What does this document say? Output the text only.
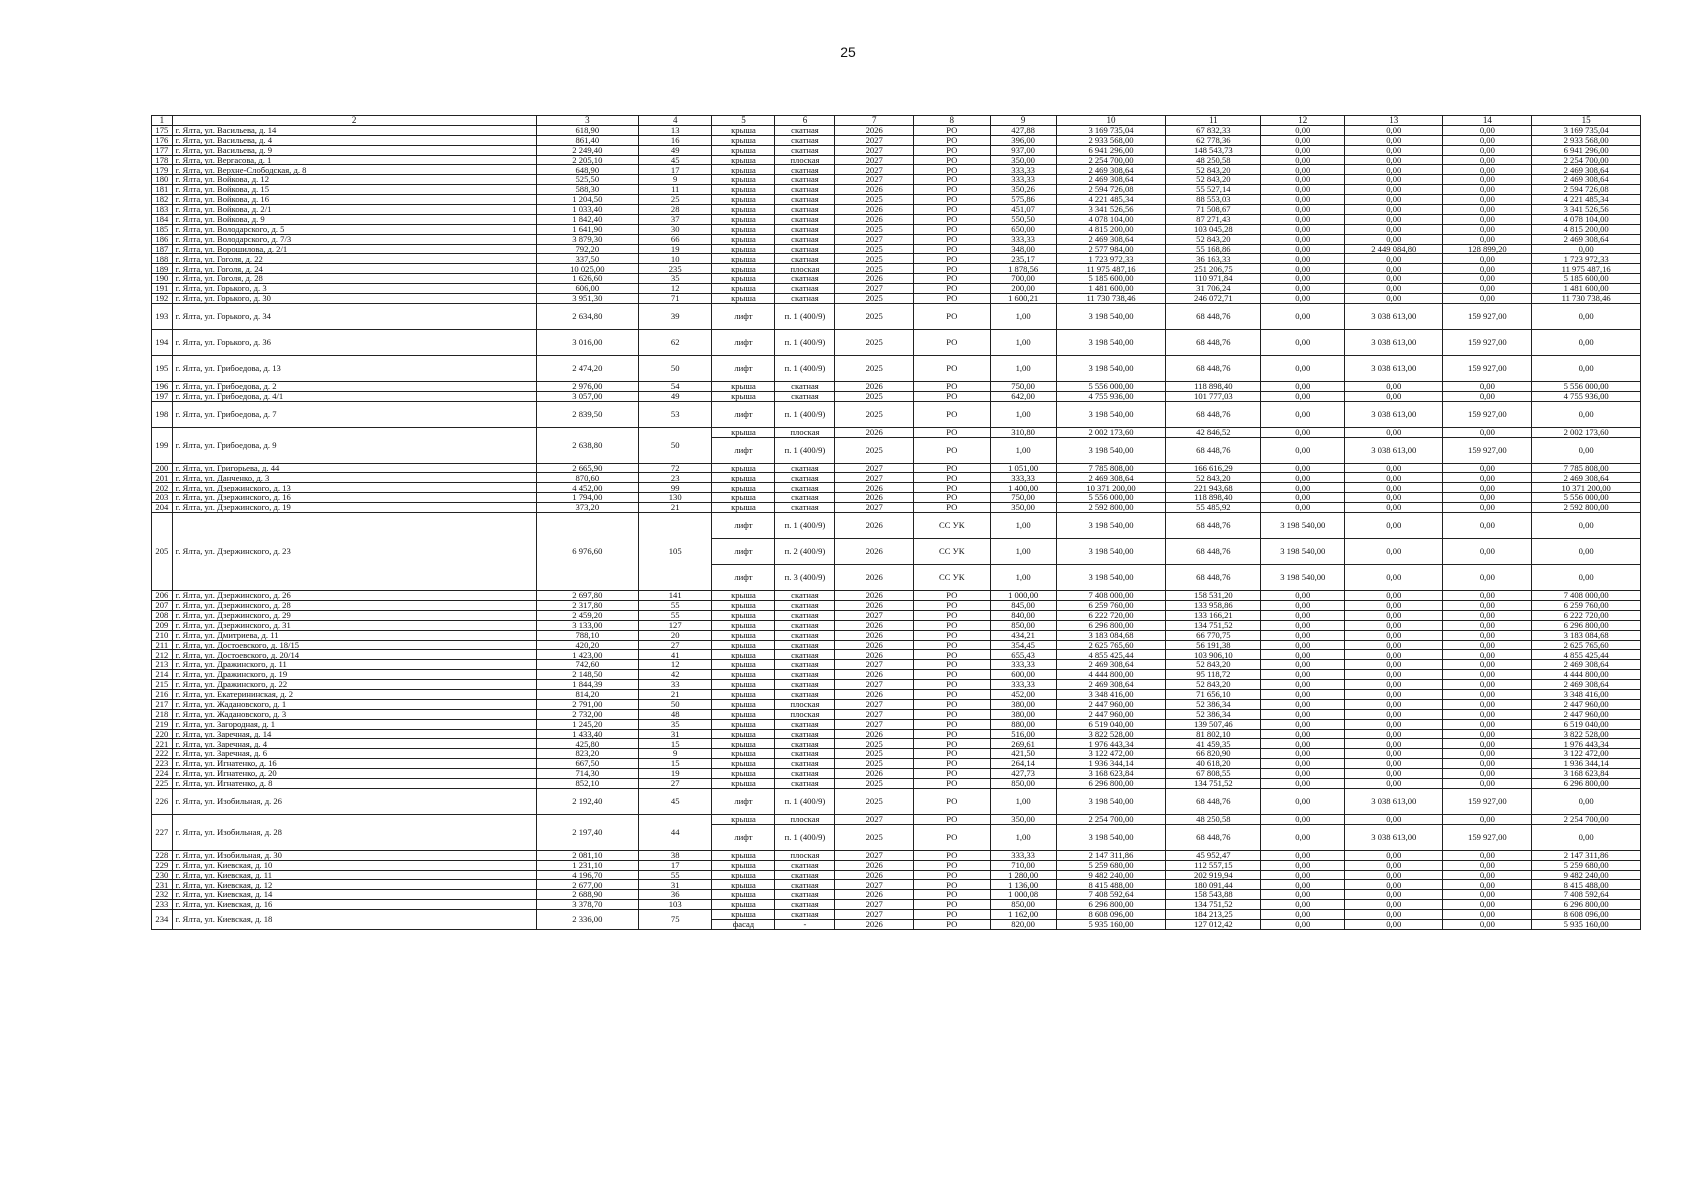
25
1	2	3	4	5	6	7	8	9	10	11	12	13	14	15
175	г. Ялта, ул. Васильева, д. 14	618,90	13	крыша	скатная	2026	РО	427,88	3 169 735,04	67 832,33	0,00	0,00	0,00	3 169 735,04
176	г. Ялта, ул. Васильева, д. 4	861,40	16	крыша	скатная	2027	РО	396,00	2 933 568,00	62 778,36	0,00	0,00	0,00	2 933 568,00
177	г. Ялта, ул. Васильева, д. 9	2 249,40	49	крыша	скатная	2027	РО	937,00	6 941 296,00	148 543,73	0,00	0,00	0,00	6 941 296,00
178	г. Ялта, ул. Вергасова, д. 1	2 205,10	45	крыша	плоская	2027	РО	350,00	2 254 700,00	48 250,58	0,00	0,00	0,00	2 254 700,00
179	г. Ялта, ул. Верхне-Слободская, д. 8	648,90	17	крыша	скатная	2027	РО	333,33	2 469 308,64	52 843,20	0,00	0,00	0,00	2 469 308,64
180	г. Ялта, ул. Войкова, д. 12	525,50	9	крыша	скатная	2027	РО	333,33	2 469 308,64	52 843,20	0,00	0,00	0,00	2 469 308,64
181	г. Ялта, ул. Войкова, д. 15	588,30	11	крыша	скатная	2026	РО	350,26	2 594 726,08	55 527,14	0,00	0,00	0,00	2 594 726,08
182	г. Ялта, ул. Войкова, д. 16	1 204,50	25	крыша	скатная	2025	РО	575,86	4 221 485,34	88 553,03	0,00	0,00	0,00	4 221 485,34
183	г. Ялта, ул. Войкова, д. 2/1	1 033,40	28	крыша	скатная	2026	РО	451,07	3 341 526,56	71 508,67	0,00	0,00	0,00	3 341 526,56
184	г. Ялта, ул. Войкова, д. 9	1 842,40	37	крыша	скатная	2026	РО	550,50	4 078 104,00	87 271,43	0,00	0,00	0,00	4 078 104,00
185	г. Ялта, ул. Володарского, д. 5	1 641,90	30	крыша	скатная	2025	РО	650,00	4 815 200,00	103 045,28	0,00	0,00	0,00	4 815 200,00
186	г. Ялта, ул. Володарского, д. 7/3	3 879,30	66	крыша	скатная	2027	РО	333,33	2 469 308,64	52 843,20	0,00	0,00	0,00	2 469 308,64
187	г. Ялта, ул. Ворошилова, д. 2/1	792,20	19	крыша	скатная	2025	РО	348,00	2 577 984,00	55 168,86	0,00	2 449 084,80	128 899,20	0,00
188	г. Ялта, ул. Гоголя, д. 22	337,50	10	крыша	скатная	2025	РО	235,17	1 723 972,33	36 163,33	0,00	0,00	0,00	1 723 972,33
189	г. Ялта, ул. Гоголя, д. 24	10 025,00	235	крыша	плоская	2025	РО	1 878,56	11 975 487,16	251 206,75	0,00	0,00	0,00	11 975 487,16
190	г. Ялта, ул. Гоголя, д. 28	1 626,60	35	крыша	скатная	2026	РО	700,00	5 185 600,00	110 971,84	0,00	0,00	0,00	5 185 600,00
191	г. Ялта, ул. Горького, д. 3	606,00	12	крыша	скатная	2027	РО	200,00	1 481 600,00	31 706,24	0,00	0,00	0,00	1 481 600,00
192	г. Ялта, ул. Горького, д. 30	3 951,30	71	крыша	скатная	2025	РО	1 600,21	11 730 738,46	246 072,71	0,00	0,00	0,00	11 730 738,46
193	г. Ялта, ул. Горького, д. 34	2 634,80	39	лифт	п. 1 (400/9)	2025	РО	1,00	3 198 540,00	68 448,76	0,00	3 038 613,00	159 927,00	0,00
194	г. Ялта, ул. Горького, д. 36	3 016,00	62	лифт	п. 1 (400/9)	2025	РО	1,00	3 198 540,00	68 448,76	0,00	3 038 613,00	159 927,00	0,00
195	г. Ялта, ул. Грибоедова, д. 13	2 474,20	50	лифт	п. 1 (400/9)	2025	РО	1,00	3 198 540,00	68 448,76	0,00	3 038 613,00	159 927,00	0,00
196	г. Ялта, ул. Грибоедова, д. 2	2 976,00	54	крыша	скатная	2026	РО	750,00	5 556 000,00	118 898,40	0,00	0,00	0,00	5 556 000,00
197	г. Ялта, ул. Грибоедова, д. 4/1	3 057,00	49	крыша	скатная	2025	РО	642,00	4 755 936,00	101 777,03	0,00	0,00	0,00	4 755 936,00
198	г. Ялта, ул. Грибоедова, д. 7	2 839,50	53	лифт	п. 1 (400/9)	2025	РО	1,00	3 198 540,00	68 448,76	0,00	3 038 613,00	159 927,00	0,00
199	г. Ялта, ул. Грибоедова, д. 9	2 638,80	50	крыша	плоская	2026	РО	310,80	2 002 173,60	42 846,52	0,00	0,00	0,00	2 002 173,60
				лифт	п. 1 (400/9)	2025	РО	1,00	3 198 540,00	68 448,76	0,00	3 038 613,00	159 927,00	0,00
200	г. Ялта, ул. Григорьева, д. 44	2 665,90	72	крыша	скатная	2027	РО	1 051,00	7 785 808,00	166 616,29	0,00	0,00	0,00	7 785 808,00
201	г. Ялта, ул. Данченко, д. 3	870,60	23	крыша	скатная	2027	РО	333,33	2 469 308,64	52 843,20	0,00	0,00	0,00	2 469 308,64
202	г. Ялта, ул. Дзержинского, д. 13	4 452,00	99	крыша	скатная	2026	РО	1 400,00	10 371 200,00	221 943,68	0,00	0,00	0,00	10 371 200,00
203	г. Ялта, ул. Дзержинского, д. 16	1 794,00	130	крыша	скатная	2026	РО	750,00	5 556 000,00	118 898,40	0,00	0,00	0,00	5 556 000,00
204	г. Ялта, ул. Дзержинского, д. 19	373,20	21	крыша	скатная	2027	РО	350,00	2 592 800,00	55 485,92	0,00	0,00	0,00	2 592 800,00
205	г. Ялта, ул. Дзержинского, д. 23	6 976,60	105	лифт	п. 1 (400/9)	2026	СС УК	1,00	3 198 540,00	68 448,76	3 198 540,00	0,00	0,00	0,00
				лифт	п. 2 (400/9)	2026	СС УК	1,00	3 198 540,00	68 448,76	3 198 540,00	0,00	0,00	0,00
				лифт	п. 3 (400/9)	2026	СС УК	1,00	3 198 540,00	68 448,76	3 198 540,00	0,00	0,00	0,00
206	г. Ялта, ул. Дзержинского, д. 26	2 697,80	141	крыша	скатная	2026	РО	1 000,00	7 408 000,00	158 531,20	0,00	0,00	0,00	7 408 000,00
207	г. Ялта, ул. Дзержинского, д. 28	2 317,80	55	крыша	скатная	2026	РО	845,00	6 259 760,00	133 958,86	0,00	0,00	0,00	6 259 760,00
208	г. Ялта, ул. Дзержинского, д. 29	2 459,20	55	крыша	скатная	2027	РО	840,00	6 222 720,00	133 166,21	0,00	0,00	0,00	6 222 720,00
209	г. Ялта, ул. Дзержинского, д. 31	3 133,00	127	крыша	скатная	2026	РО	850,00	6 296 800,00	134 751,52	0,00	0,00	0,00	6 296 800,00
210	г. Ялта, ул. Дмитриева, д. 11	788,10	20	крыша	скатная	2026	РО	434,21	3 183 084,68	66 770,75	0,00	0,00	0,00	3 183 084,68
211	г. Ялта, ул. Достоевского, д. 18/15	420,20	27	крыша	скатная	2026	РО	354,45	2 625 765,60	56 191,38	0,00	0,00	0,00	2 625 765,60
212	г. Ялта, ул. Достоевского, д. 20/14	1 423,00	41	крыша	скатная	2026	РО	655,43	4 855 425,44	103 906,10	0,00	0,00	0,00	4 855 425,44
213	г. Ялта, ул. Дражинского, д. 11	742,60	12	крыша	скатная	2027	РО	333,33	2 469 308,64	52 843,20	0,00	0,00	0,00	2 469 308,64
214	г. Ялта, ул. Дражинского, д. 19	2 148,50	42	крыша	скатная	2026	РО	600,00	4 444 800,00	95 118,72	0,00	0,00	0,00	4 444 800,00
215	г. Ялта, ул. Дражинского, д. 22	1 844,39	33	крыша	скатная	2027	РО	333,33	2 469 308,64	52 843,20	0,00	0,00	0,00	2 469 308,64
216	г. Ялта, ул. Екатерининская, д. 2	814,20	21	крыша	скатная	2026	РО	452,00	3 348 416,00	71 656,10	0,00	0,00	0,00	3 348 416,00
217	г. Ялта, ул. Жадановского, д. 1	2 791,00	50	крыша	плоская	2027	РО	380,00	2 447 960,00	52 386,34	0,00	0,00	0,00	2 447 960,00
218	г. Ялта, ул. Жадановского, д. 3	2 732,00	48	крыша	плоская	2027	РО	380,00	2 447 960,00	52 386,34	0,00	0,00	0,00	2 447 960,00
219	г. Ялта, ул. Загородная, д. 1	1 245,20	35	крыша	скатная	2027	РО	880,00	6 519 040,00	139 507,46	0,00	0,00	0,00	6 519 040,00
220	г. Ялта, ул. Заречная, д. 14	1 433,40	31	крыша	скатная	2026	РО	516,00	3 822 528,00	81 802,10	0,00	0,00	0,00	3 822 528,00
221	г. Ялта, ул. Заречная, д. 4	425,80	15	крыша	скатная	2025	РО	269,61	1 976 443,34	41 459,35	0,00	0,00	0,00	1 976 443,34
222	г. Ялта, ул. Заречная, д. 6	823,20	9	крыша	скатная	2025	РО	421,50	3 122 472,00	66 820,90	0,00	0,00	0,00	3 122 472,00
223	г. Ялта, ул. Игнатенко, д. 16	667,50	15	крыша	скатная	2025	РО	264,14	1 936 344,14	40 618,20	0,00	0,00	0,00	1 936 344,14
224	г. Ялта, ул. Игнатенко, д. 20	714,30	19	крыша	скатная	2026	РО	427,73	3 168 623,84	67 808,55	0,00	0,00	0,00	3 168 623,84
225	г. Ялта, ул. Игнатенко, д. 8	852,10	27	крыша	скатная	2025	РО	850,00	6 296 800,00	134 751,52	0,00	0,00	0,00	6 296 800,00
226	г. Ялта, ул. Изобильная, д. 26	2 192,40	45	лифт	п. 1 (400/9)	2025	РО	1,00	3 198 540,00	68 448,76	0,00	3 038 613,00	159 927,00	0,00
227	г. Ялта, ул. Изобильная, д. 28	2 197,40	44	крыша	плоская	2027	РО	350,00	2 254 700,00	48 250,58	0,00	0,00	0,00	2 254 700,00
				лифт	п. 1 (400/9)	2025	РО	1,00	3 198 540,00	68 448,76	0,00	3 038 613,00	159 927,00	0,00
228	г. Ялта, ул. Изобильная, д. 30	2 081,10	38	крыша	плоская	2027	РО	333,33	2 147 311,86	45 952,47	0,00	0,00	0,00	2 147 311,86
229	г. Ялта, ул. Киевская, д. 10	1 231,10	17	крыша	скатная	2026	РО	710,00	5 259 680,00	112 557,15	0,00	0,00	0,00	5 259 680,00
230	г. Ялта, ул. Киевская, д. 11	4 196,70	55	крыша	скатная	2026	РО	1 280,00	9 482 240,00	202 919,94	0,00	0,00	0,00	9 482 240,00
231	г. Ялта, ул. Киевская, д. 12	2 677,00	31	крыша	скатная	2027	РО	1 136,00	8 415 488,00	180 091,44	0,00	0,00	0,00	8 415 488,00
232	г. Ялта, ул. Киевская, д. 14	2 688,90	36	крыша	скатная	2026	РО	1 000,08	7 408 592,64	158 543,88	0,00	0,00	0,00	7 408 592,64
233	г. Ялта, ул. Киевская, д. 16	3 378,70	103	крыша	скатная	2027	РО	850,00	6 296 800,00	134 751,52	0,00	0,00	0,00	6 296 800,00
234	г. Ялта, ул. Киевская, д. 18	2 336,00	75	крыша	скатная	2027	РО	1 162,00	8 608 096,00	184 213,25	0,00	0,00	0,00	8 608 096,00
				фасад	-	2026	РО	820,00	5 935 160,00	127 012,42	0,00	0,00	0,00	5 935 160,00
